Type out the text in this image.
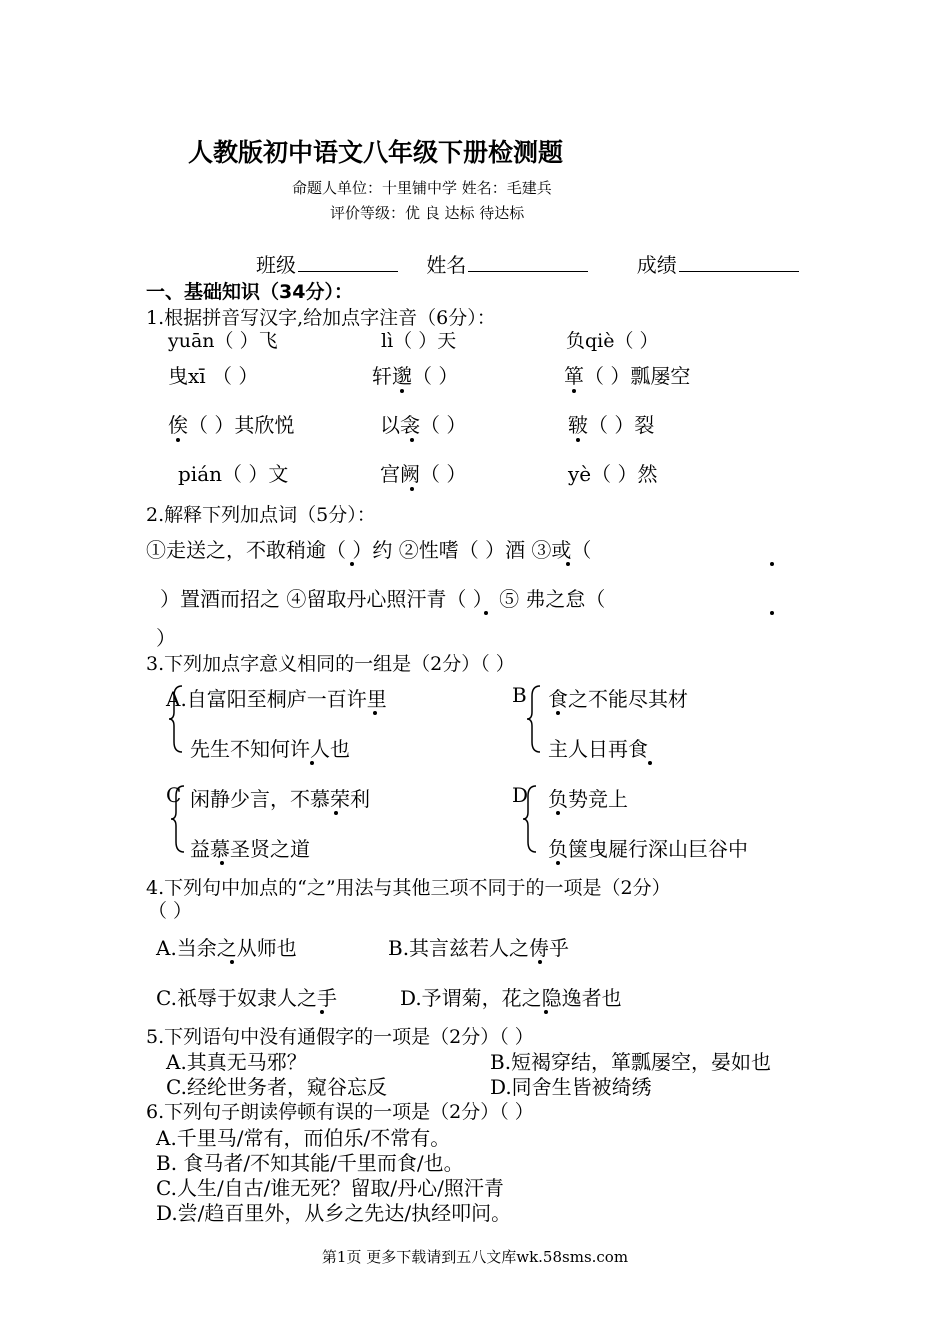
人教版初中语文八年级下册检测题
命题人单位：十里铺中学 姓名：毛建兵
评价等级：优 良 达标 待达标
班级	姓名	成绩
一、基础知识（34分）：
1.根据拼音写汉字,给加点字注音（6分）：
yuān（ ）飞	lì（ ）天	负qiè（ ）
曳xī （ ）	轩邈（ ）	箪（ ）瓢屡空
俟（ ）其欣悦	以衾（ ）	皲（ ）裂
pián（ ）文	宫阙（ ）	yè（ ）然
2.解释下列加点词（5分）：
①走送之，不敢稍逾（ ）约 ②性嗜（ ）酒 ③或（
）置酒而招之 ④留取丹心照汗青（ ） ⑤ 弗之怠（
）
3.下列加点字意义相同的一组是（2分）（ ）
A.自富阳至桐庐一百许里
先生不知何许人也
B 食之不能尽其材
主人日再食
C 闲静少言，不慕荣利
益慕圣贤之道
D 负势竞上
负箧曳屣行深山巨谷中
4.下列句中加点的“之”用法与其他三项不同于的一项是（2分）
（ ）
A.当余之从师也	B.其言兹若人之俦乎
C.祇辱于奴隶人之手	D.予谓菊，花之隐逸者也
5.下列语句中没有通假字的一项是（2分）（ ）
A.其真无马邪？	B.短褐穿结，箪瓢屡空，晏如也
C.经纶世务者，窥谷忘反	D.同舍生皆被绮绣
6.下列句子朗读停顿有误的一项是（2分）（ ）
A.千里马/常有，而伯乐/不常有。
B. 食马者/不知其能/千里而食/也。
C.人生/自古/谁无死？留取/丹心/照汗青
D.尝/趋百里外，从乡之先达/执经叩问。
第1页 更多下载请到五八文库wk.58sms.com
